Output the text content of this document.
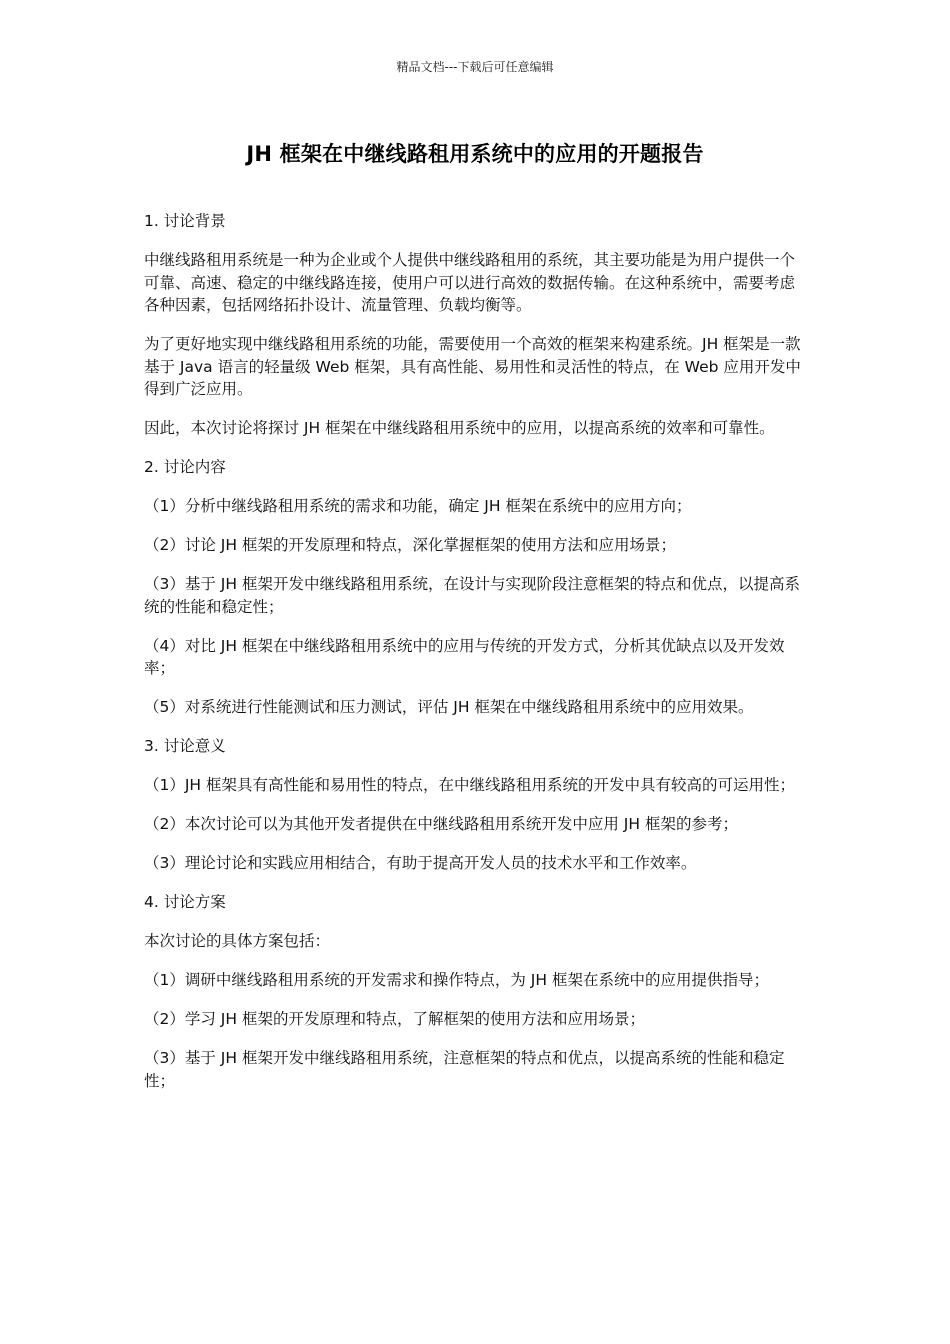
精品文档---下载后可任意编辑
JH 框架在中继线路租用系统中的应用的开题报告

1. 讨论背景

中继线路租用系统是一种为企业或个人提供中继线路租用的系统，其主要功能是为用户提供一个可靠、高速、稳定的中继线路连接，使用户可以进行高效的数据传输。在这种系统中，需要考虑各种因素，包括网络拓扑设计、流量管理、负载均衡等。

为了更好地实现中继线路租用系统的功能，需要使用一个高效的框架来构建系统。JH 框架是一款基于 Java 语言的轻量级 Web 框架，具有高性能、易用性和灵活性的特点，在 Web 应用开发中得到广泛应用。

因此，本次讨论将探讨 JH 框架在中继线路租用系统中的应用，以提高系统的效率和可靠性。

2. 讨论内容

（1）分析中继线路租用系统的需求和功能，确定 JH 框架在系统中的应用方向；

（2）讨论 JH 框架的开发原理和特点，深化掌握框架的使用方法和应用场景；

（3）基于 JH 框架开发中继线路租用系统，在设计与实现阶段注意框架的特点和优点，以提高系统的性能和稳定性；

（4）对比 JH 框架在中继线路租用系统中的应用与传统的开发方式，分析其优缺点以及开发效率；

（5）对系统进行性能测试和压力测试，评估 JH 框架在中继线路租用系统中的应用效果。

3. 讨论意义

（1）JH 框架具有高性能和易用性的特点，在中继线路租用系统的开发中具有较高的可运用性；

（2）本次讨论可以为其他开发者提供在中继线路租用系统开发中应用 JH 框架的参考；

（3）理论讨论和实践应用相结合，有助于提高开发人员的技术水平和工作效率。

4. 讨论方案

本次讨论的具体方案包括：

（1）调研中继线路租用系统的开发需求和操作特点，为 JH 框架在系统中的应用提供指导；

（2）学习 JH 框架的开发原理和特点，了解框架的使用方法和应用场景；

（3）基于 JH 框架开发中继线路租用系统，注意框架的特点和优点，以提高系统的性能和稳定性；
